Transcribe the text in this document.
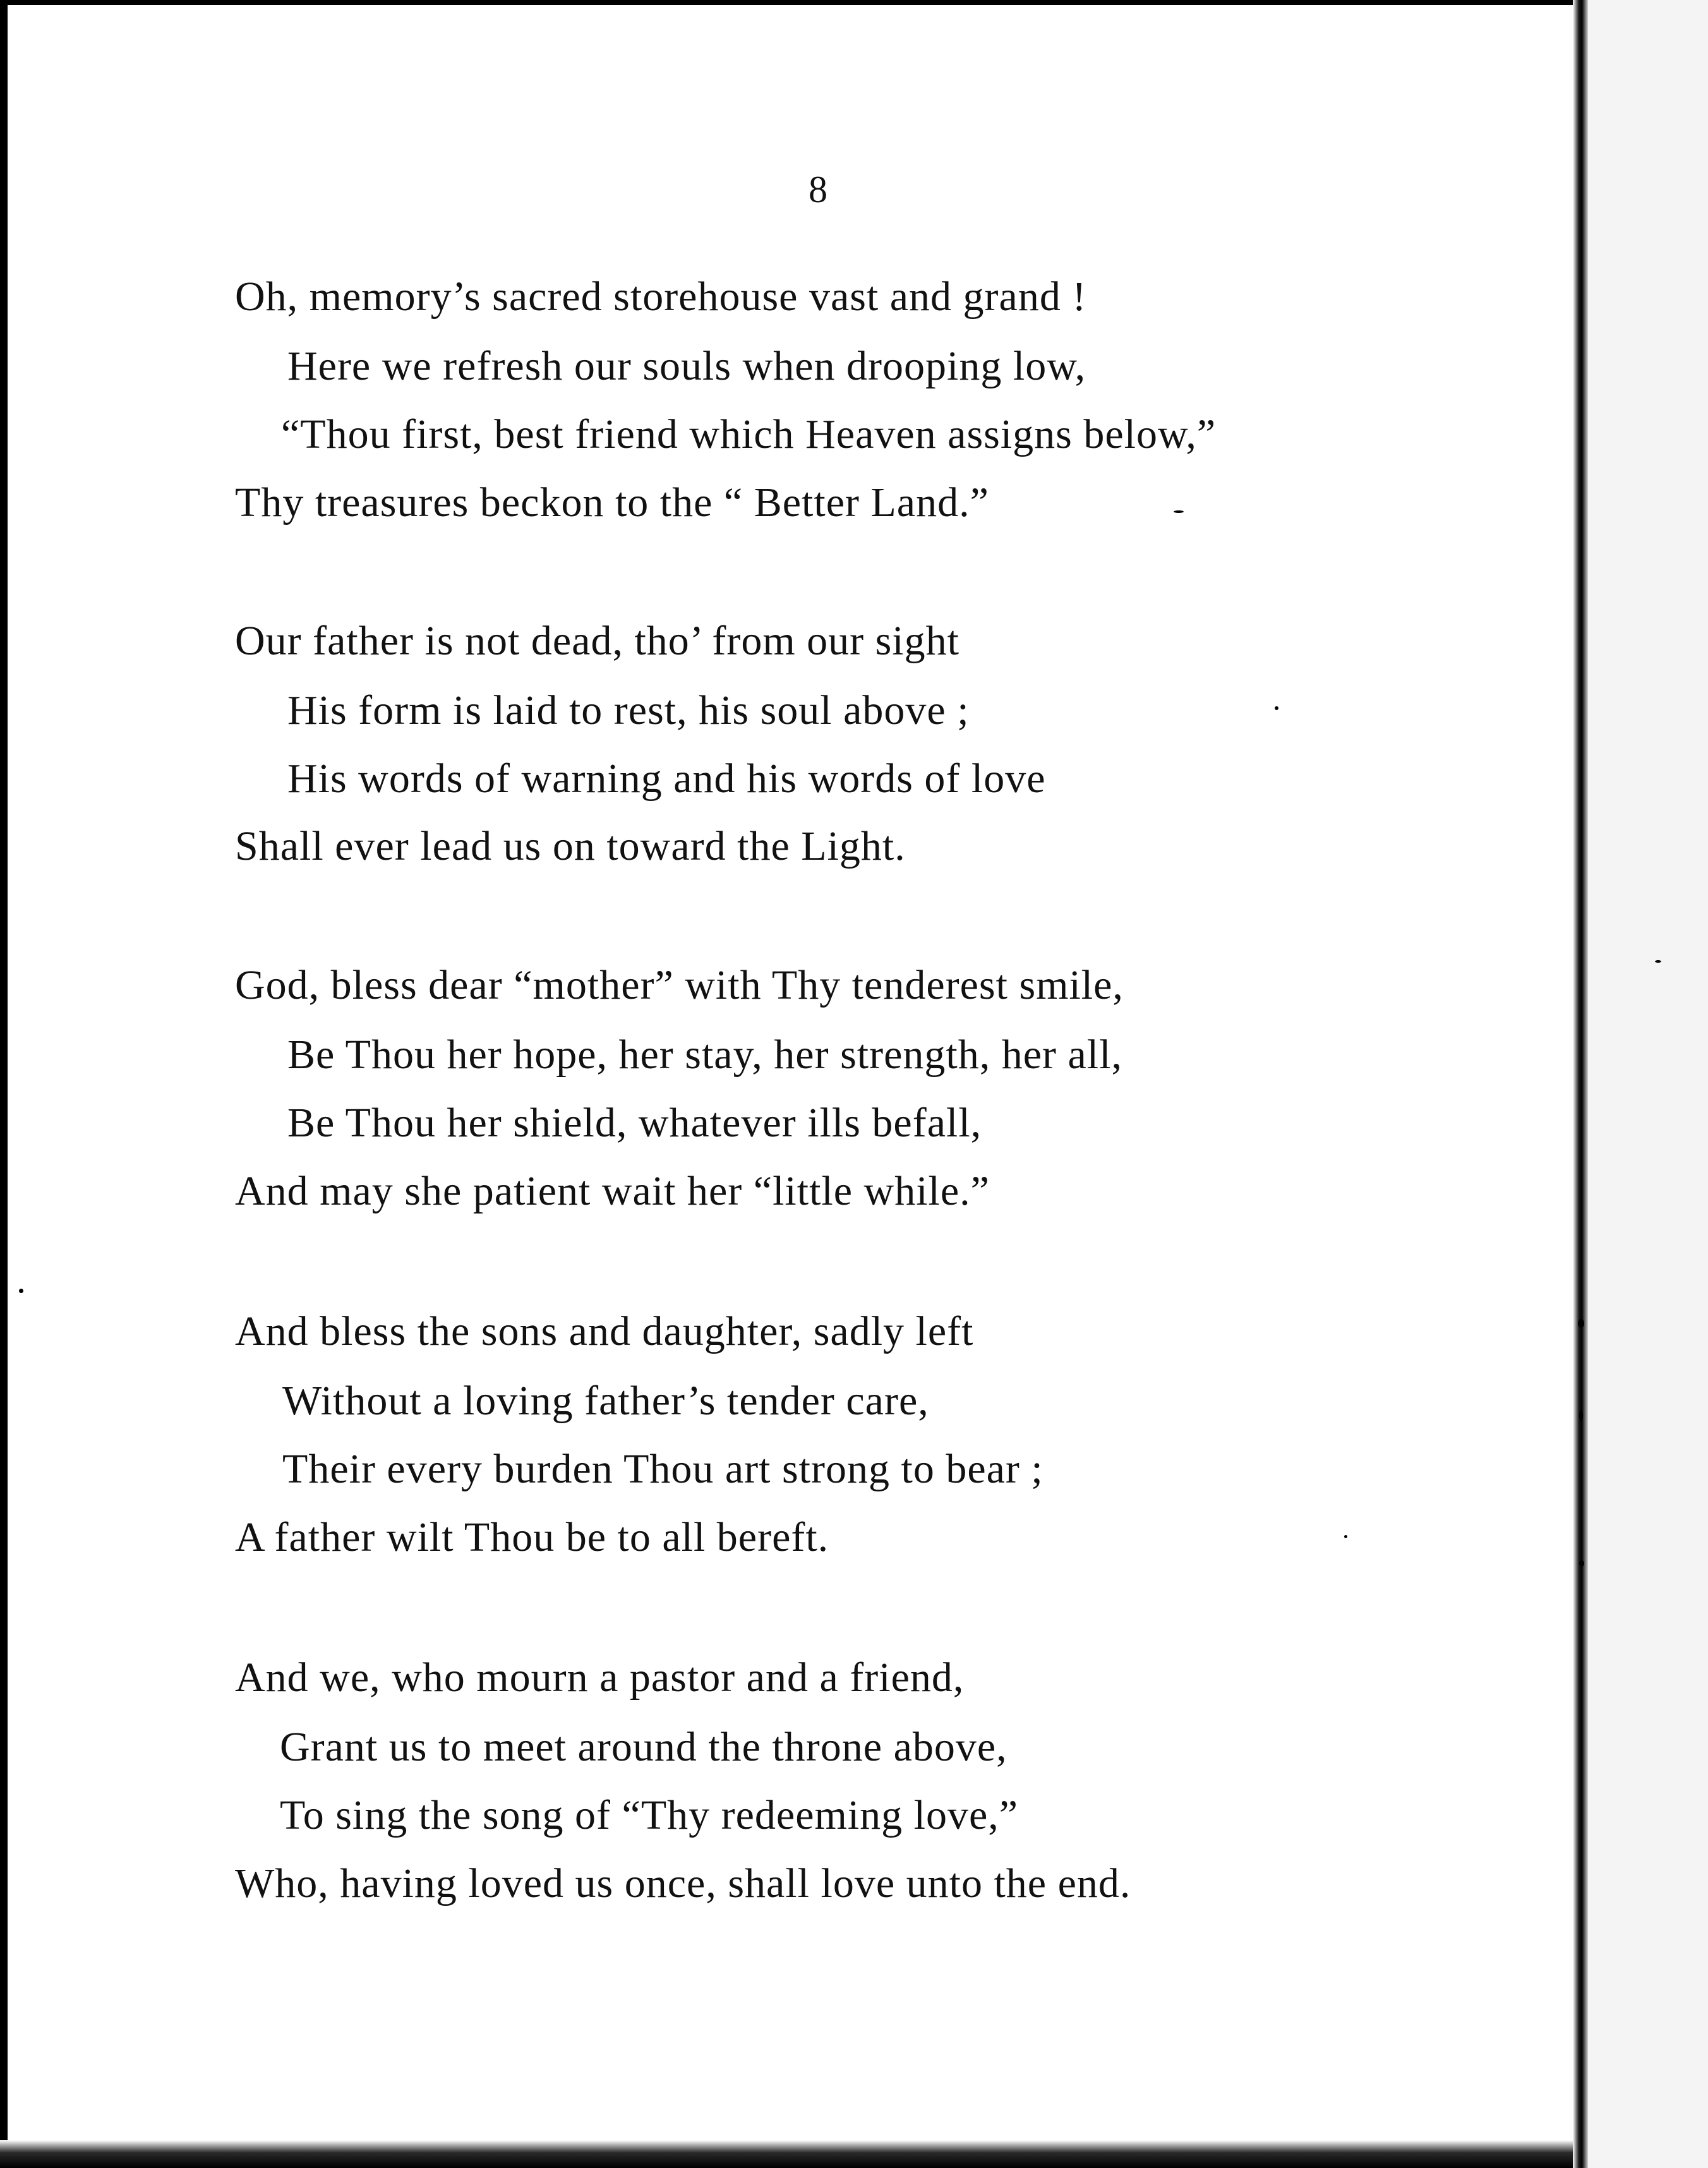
8
Oh, memory’s sacred storehouse vast and grand !
Here we refresh our souls when drooping low,
“Thou first, best friend which Heaven assigns below,”
Thy treasures beckon to the “ Better Land.”
Our father is not dead, tho’ from our sight
His form is laid to rest, his soul above ;
His words of warning and his words of love
Shall ever lead us on toward the Light.
God, bless dear “mother” with Thy tenderest smile,
Be Thou her hope, her stay, her strength, her all,
Be Thou her shield, whatever ills befall,
And may she patient wait her “little while.”
And bless the sons and daughter, sadly left
Without a loving father’s tender care,
Their every burden Thou art strong to bear ;
A father wilt Thou be to all bereft.
And we, who mourn a pastor and a friend,
Grant us to meet around the throne above,
To sing the song of “Thy redeeming love,”
Who, having loved us once, shall love unto the end.
